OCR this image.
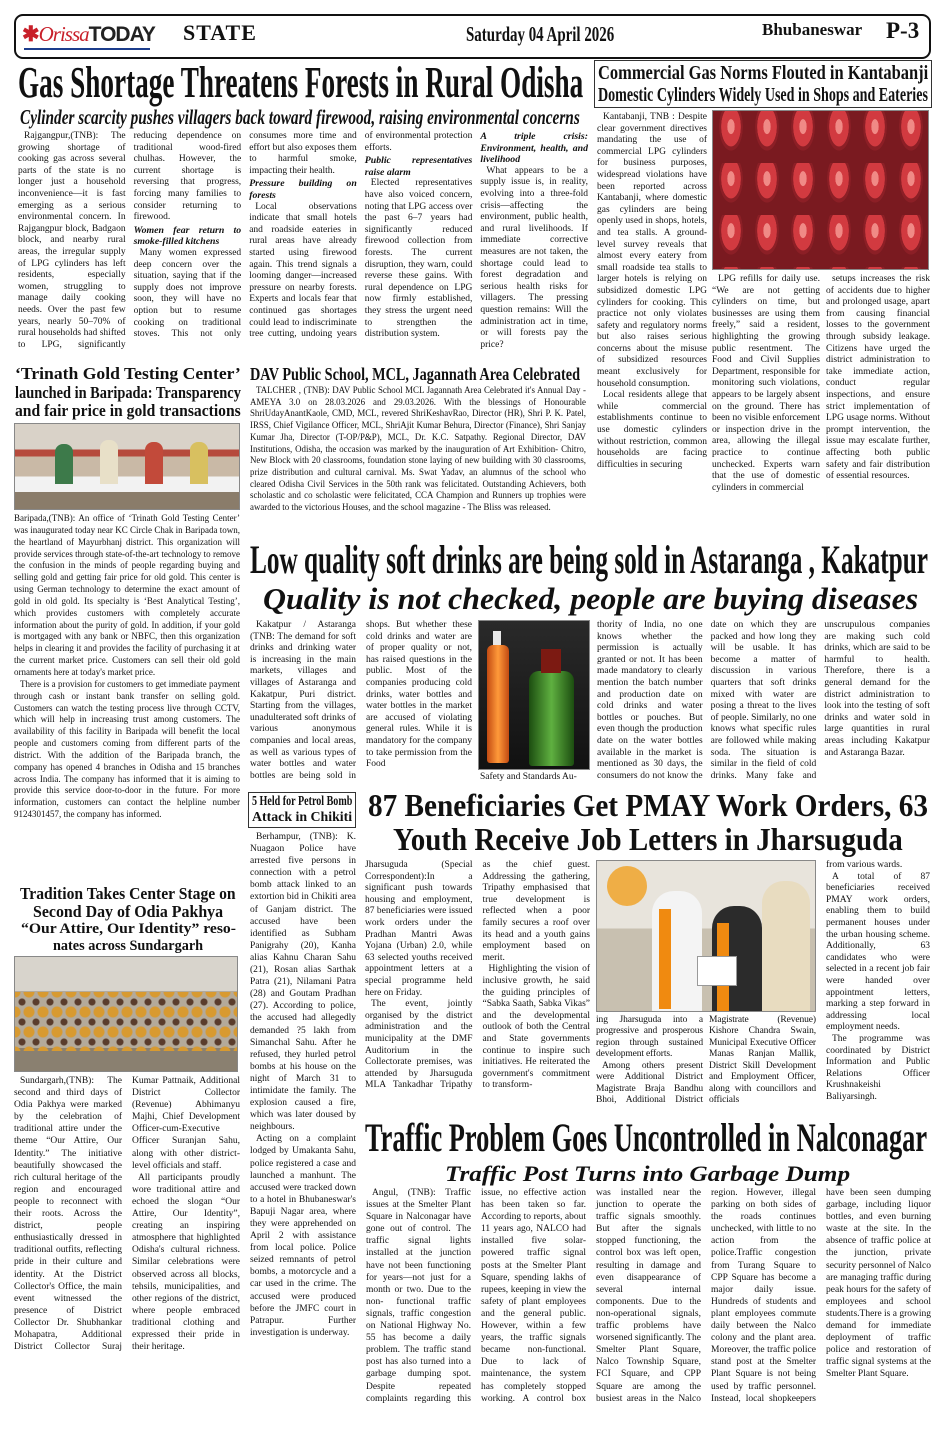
✱OrissaTODAY STATE	Saturday 04 April 2026	Bhubaneswar P-3
Gas Shortage Threatens Forests in Rural Odisha
Cylinder scarcity pushes villagers back toward firewood, raising environmental concerns

Rajgangpur,(TNB): The growing shortage of cooking gas across several parts of the state is no longer just a household inconvenience—it is fast emerging as a serious environmental concern. In Rajgangpur block, Badgaon block, and nearby rural areas, the irregular supply of LPG cylinders has left residents, especially women, struggling to manage daily cooking needs. Over the past few years, nearly 50–70% of rural households had shifted to LPG, significantly reducing dependence on traditional wood-fired chulhas. However, the current shortage is reversing that progress, forcing many families to consider returning to firewood.

Women fear return to smoke-filled kitchens

Many women expressed deep concern over the situation, saying that if the supply does not improve soon, they will have no option but to resume cooking on traditional stoves. This not only consumes more time and effort but also exposes them to harmful smoke, impacting their health.

Pressure building on forests

Local observations indicate that small hotels and roadside eateries in rural areas have already started using firewood again. This trend signals a looming danger—increased pressure on nearby forests. Experts and locals fear that continued gas shortages could lead to indiscriminate tree cutting, undoing years of environmental protection efforts.

Public representatives raise alarm

Elected representatives have also voiced concern, noting that LPG access over the past 6–7 years had significantly reduced firewood collection from forests. The current disruption, they warn, could reverse these gains. With rural dependence on LPG now firmly established, they stress the urgent need to strengthen the distribution system.

A triple crisis: Environment, health, and livelihood

What appears to be a supply issue is, in reality, evolving into a three-fold crisis—affecting the environment, public health, and rural livelihoods. If immediate corrective measures are not taken, the shortage could lead to forest degradation and serious health risks for villagers. The pressing question remains: Will the administration act in time, or will forests pay the price?

Commercial Gas Norms Flouted in Kantabanji
Domestic Cylinders Widely Used in Shops and Eateries

Kantabanji, TNB : Despite clear government directives mandating the use of commercial LPG cylinders for business purposes, widespread violations have been reported across Kantabanji, where domestic gas cylinders are being openly used in shops, hotels, and tea stalls. A ground-level survey reveals that almost every eatery from small roadside tea stalls to larger hotels is relying on subsidized domestic LPG cylinders for cooking. This practice not only violates safety and regulatory norms but also raises serious concerns about the misuse of subsidized resources meant exclusively for household consumption.

Local residents allege that while commercial establishments continue to use domestic cylinders without restriction, common households are facing difficulties in securing

LPG refills for daily use. “We are not getting cylinders on time, but businesses are using them freely,” said a resident, highlighting the growing public resentment. The Food and Civil Supplies Department, responsible for monitoring such violations, appears to be largely absent on the ground. There has been no visible enforcement or inspection drive in the area, allowing the illegal practice to continue unchecked. Experts warn that the use of domestic cylinders in commercial

setups increases the risk of accidents due to higher and prolonged usage, apart from causing financial losses to the government through subsidy leakage. Citizens have urged the district administration to take immediate action, conduct regular inspections, and ensure strict implementation of LPG usage norms. Without prompt intervention, the issue may escalate further, affecting both public safety and fair distribution of essential resources.

‘Trinath Gold Testing Center’
launched in Baripada: Transparency
and fair price in gold transactions

Baripada,(TNB): An office of ‘Trinath Gold Testing Center’ was inaugurated today near KC Circle Chak in Baripada town, the heartland of Mayurbhanj district. This organization will provide services through state-of-the-art technology to remove the confusion in the minds of people regarding buying and selling gold and getting fair price for old gold. This center is using German technology to determine the exact amount of gold in old gold. Its specialty is ‘Best Analytical Testing’, which provides customers with completely accurate information about the purity of gold. In addition, if your gold is mortgaged with any bank or NBFC, then this organization helps in clearing it and provides the facility of purchasing it at the current market price. Customers can sell their old gold ornaments here at today's market price.

There is a provision for customers to get immediate payment through cash or instant bank transfer on selling gold. Customers can watch the testing process live through CCTV, which will help in increasing trust among customers. The availability of this facility in Baripada will benefit the local people and customers coming from different parts of the district. With the addition of the Baripada branch, the company has opened 4 branches in Odisha and 15 branches across India. The company has informed that it is aiming to provide this service door-to-door in the future. For more information, customers can contact the helpline number 9124301457, the company has informed.

DAV Public School, MCL, Jagannath Area Celebrated

TALCHER , (TNB): DAV Public School MCL Jagannath Area Celebrated it's Annual Day -AMEYA 3.0 on 28.03.2026 and 29.03.2026. With the blessings of Honourable ShriUdayAnantKaole, CMD, MCL, revered ShriKeshavRao, Director (HR), Shri P. K. Patel, IRSS, Chief Vigilance Officer, MCL, ShriAjit Kumar Behura, Director (Finance), Shri Sanjay Kumar Jha, Director (T-OP/P&P), MCL, Dr. K.C. Satpathy. Regional Director, DAV Institutions, Odisha, the occasion was marked by the inauguration of Art Exhibition- Chitro, New Block with 20 classrooms, foundation stone laying of new building with 30 classrooms, prize distribution and cultural carnival. Ms. Swat Yadav, an alumnus of the school who cleared Odisha Civil Services in the 50th rank was felicitated. Outstanding Achievers, both scholastic and co scholastic were felicitated, CCA Champion and Runners up trophies were awarded to the victorious Houses, and the school magazine - The Bliss was released.

Low quality soft drinks are being sold in Astaranga , Kakatpur
Quality is not checked, people are buying diseases

Kakatpur / Astaranga (TNB: The demand for soft drinks and drinking water is increasing in the main markets, villages and villages of Astaranga and Kakatpur, Puri district. Starting from the villages, unadulterated soft drinks of various anonymous companies and local areas, as well as various types of water bottles and water bottles are being sold in shops. But whether these cold drinks and water are of proper quality or not, has raised questions in the public. Most of the companies producing cold drinks, water bottles and water bottles in the market are accused of violating general rules. While it is mandatory for the company to take permission from the Food

Safety and Standards Au-

thority of India, no one knows whether the permission is actually granted or not. It has been made mandatory to clearly mention the batch number and production date on cold drinks and water bottles or pouches. But even though the production date on the water bottles available in the market is mentioned as 30 days, the consumers do not know the date on which they are packed and how long they will be usable. It has become a matter of discussion in various quarters that soft drinks mixed with water are posing a threat to the lives of people. Similarly, no one knows what specific rules are followed while making soda. The situation is similar in the field of cold drinks. Many fake and unscrupulous companies are making such cold drinks, which are said to be harmful to health. Therefore, there is a general demand for the district administration to look into the testing of soft drinks and water sold in large quantities in rural areas including Kakatpur and Astaranga Bazar.

5 Held for Petrol Bomb
Attack in Chikiti

Berhampur, (TNB): K. Nuagaon Police have arrested five persons in connection with a petrol bomb attack linked to an extortion bid in Chikiti area of Ganjam district. The accused have been identified as Subham Panigrahy (20), Kanha alias Kahnu Charan Sahu (21), Rosan alias Sarthak Patra (21), Nilamani Patra (28) and Goutam Pradhan (27). According to police, the accused had allegedly demanded ?5 lakh from Simanchal Sahu. After he refused, they hurled petrol bombs at his house on the night of March 31 to intimidate the family. The explosion caused a fire, which was later doused by neighbours.

Acting on a complaint lodged by Umakanta Sahu, police registered a case and launched a manhunt. The accused were tracked down to a hotel in Bhubaneswar's Bapuji Nagar area, where they were apprehended on April 2 with assistance from local police. Police seized remnants of petrol bombs, a motorcycle and a car used in the crime. The accused were produced before the JMFC court in Patrapur. Further investigation is underway.

87 Beneficiaries Get PMAY Work Orders, 63
Youth Receive Job Letters in Jharsuguda

Jharsuguda (Special Correspondent):In a significant push towards housing and employment, 87 beneficiaries were issued work orders under the Pradhan Mantri Awas Yojana (Urban) 2.0, while 63 selected youths received appointment letters at a special programme held here on Friday.

The event, jointly organised by the district administration and the municipality at the DMF Auditorium in the Collectorate premises, was attended by Jharsuguda MLA Tankadhar Tripathy as the chief guest. Addressing the gathering, Tripathy emphasised that true development is reflected when a poor family secures a roof over its head and a youth gains employment based on merit.

Highlighting the vision of inclusive growth, he said the guiding principles of “Sabka Saath, Sabka Vikas” and the developmental outlook of both the Central and State governments continue to inspire such initiatives. He reiterated the government's commitment to transform-

ing Jharsuguda into a progressive and prosperous region through sustained development efforts.

Among others present were Additional District Magistrate Braja Bandhu Bhoi, Additional District Magistrate (Revenue) Kishore Chandra Swain, Municipal Executive Officer Manas Ranjan Mallik, District Skill Development and Employment Officer, along with councillors and officials

from various wards.

A total of 87 beneficiaries received PMAY work orders, enabling them to build permanent houses under the urban housing scheme. Additionally, 63 candidates who were selected in a recent job fair were handed over appointment letters, marking a step forward in addressing local employment needs.

The programme was coordinated by District Information and Public Relations Officer Krushnakeishi Baliyarsingh.

Tradition Takes Center Stage on
Second Day of Odia Pakhya
“Our Attire, Our Identity” reso-
nates across Sundargarh

Sundargarh,(TNB): The second and third days of Odia Pakhya were marked by the celebration of traditional attire under the theme “Our Attire, Our Identity.” The initiative beautifully showcased the rich cultural heritage of the region and encouraged people to reconnect with their roots. Across the district, people enthusiastically dressed in traditional outfits, reflecting pride in their culture and identity. At the District Collector's Office, the main event witnessed the presence of District Collector Dr. Shubhankar Mohapatra, Additional District Collector Suraj Kumar Pattnaik, Additional District Collector (Revenue) Abhimanyu Majhi, Chief Development Officer-cum-Executive Officer Suranjan Sahu, along with other district-level officials and staff.

All participants proudly wore traditional attire and echoed the slogan “Our Attire, Our Identity”, creating an inspiring atmosphere that highlighted Odisha's cultural richness. Similar celebrations were observed across all blocks, tehsils, municipalities, and other regions of the district, where people embraced traditional clothing and expressed their pride in their heritage.

Traffic Problem Goes Uncontrolled in Nalconagar
Traffic Post Turns into Garbage Dump

Angul, (TNB): Traffic issues at the Smelter Plant Square in Nalconagar have gone out of control. The traffic signal lights installed at the junction have not been functioning for years—not just for a month or two. Due to the non- functional traffic signals, traffic congestion on National Highway No. 55 has become a daily problem. The traffic stand post has also turned into a garbage dumping spot. Despite repeated complaints regarding this issue, no effective action has been taken so far. According to reports, about 11 years ago, NALCO had installed five solar-powered traffic signal posts at the Smelter Plant Square, spending lakhs of rupees, keeping in view the safety of plant employees and the general public. However, within a few years, the traffic signals became non-functional. Due to lack of maintenance, the system has completely stopped working. A control box was installed near the junction to operate the traffic signals smoothly. But after the signals stopped functioning, the control box was left open, resulting in damage and even disappearance of several internal components. Due to the non-operational signals, traffic problems have worsened significantly. The Smelter Plant Square, Nalco Township Square, FCI Square, and CPP Square are among the busiest areas in the Nalco region. However, illegal parking on both sides of the roads continues unchecked, with little to no action from the police.Traffic congestion from Turang Square to CPP Square has become a major daily issue. Hundreds of students and plant employees commute daily between the Nalco colony and the plant area. Moreover, the traffic police stand post at the Smelter Plant Square is not being used by traffic personnel. Instead, local shopkeepers have been seen dumping garbage, including liquor bottles, and even burning waste at the site. In the absence of traffic police at the junction, private security personnel of Nalco are managing traffic during peak hours for the safety of employees and school students.There is a growing demand for immediate deployment of traffic police and restoration of traffic signal systems at the Smelter Plant Square.
